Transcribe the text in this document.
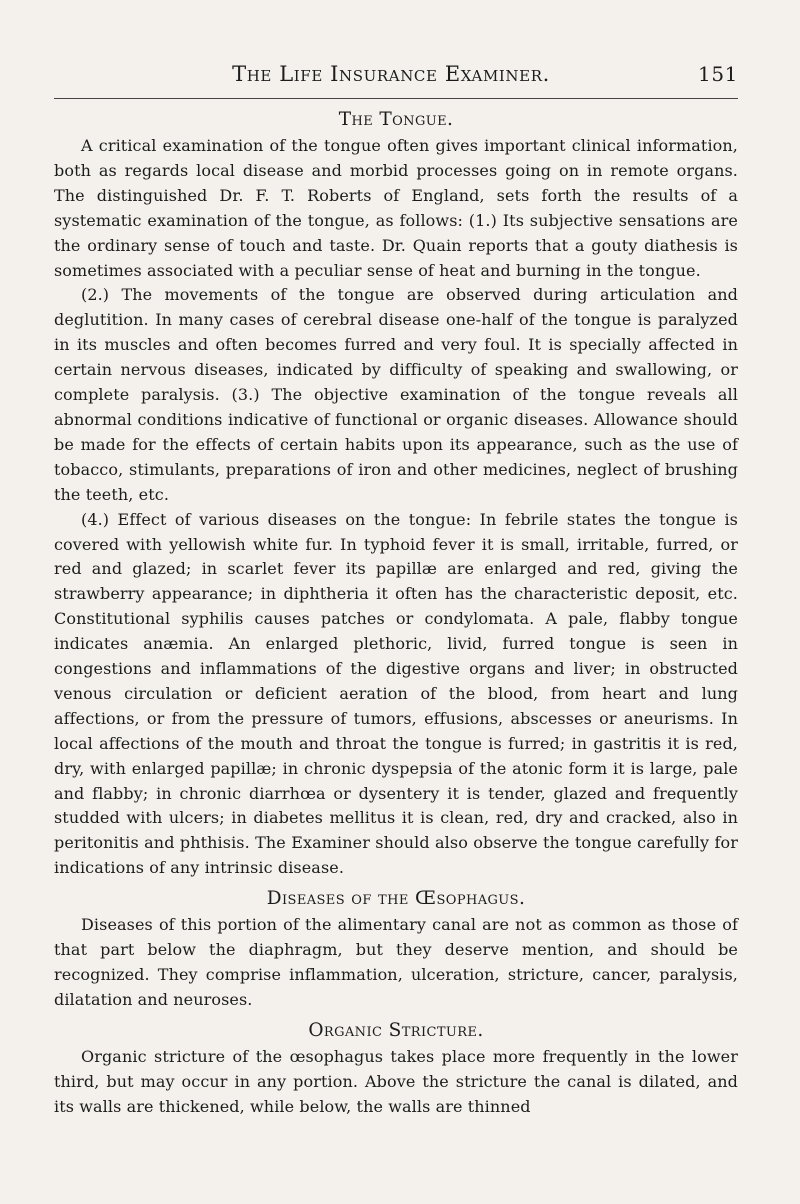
The Life Insurance Examiner.	151
The Tongue.

A critical examination of the tongue often gives important clinical information, both as regards local disease and morbid processes going on in remote organs. The distinguished Dr. F. T. Roberts of England, sets forth the results of a systematic examination of the tongue, as follows: (1.) Its subjective sensations are the ordinary sense of touch and taste. Dr. Quain reports that a gouty diathesis is sometimes associated with a peculiar sense of heat and burning in the tongue.

(2.) The movements of the tongue are observed during articulation and deglutition. In many cases of cerebral disease one-half of the tongue is paralyzed in its muscles and often becomes furred and very foul. It is specially affected in certain nervous diseases, indicated by difficulty of speaking and swallowing, or complete paralysis. (3.) The objective examination of the tongue reveals all abnormal conditions indicative of functional or organic diseases. Allowance should be made for the effects of certain habits upon its appearance, such as the use of tobacco, stimulants, preparations of iron and other medicines, neglect of brushing the teeth, etc.

(4.) Effect of various diseases on the tongue: In febrile states the tongue is covered with yellowish white fur. In typhoid fever it is small, irritable, furred, or red and glazed; in scarlet fever its papillæ are enlarged and red, giving the strawberry appearance; in diphtheria it often has the characteristic deposit, etc. Constitutional syphilis causes patches or condylomata. A pale, flabby tongue indicates anæmia. An enlarged plethoric, livid, furred tongue is seen in congestions and inflammations of the digestive organs and liver; in obstructed venous circulation or deficient aeration of the blood, from heart and lung affections, or from the pressure of tumors, effusions, abscesses or aneurisms. In local affections of the mouth and throat the tongue is furred; in gastritis it is red, dry, with enlarged papillæ; in chronic dyspepsia of the atonic form it is large, pale and flabby; in chronic diarrhœa or dysentery it is tender, glazed and frequently studded with ulcers; in diabetes mellitus it is clean, red, dry and cracked, also in peritonitis and phthisis. The Examiner should also observe the tongue carefully for indications of any intrinsic disease.

Diseases of the Œsophagus.

Diseases of this portion of the alimentary canal are not as common as those of that part below the diaphragm, but they deserve mention, and should be recognized. They comprise inflammation, ulceration, stricture, cancer, paralysis, dilatation and neuroses.

Organic Stricture.

Organic stricture of the œsophagus takes place more frequently in the lower third, but may occur in any portion. Above the stricture the canal is dilated, and its walls are thickened, while below, the walls are thinned
